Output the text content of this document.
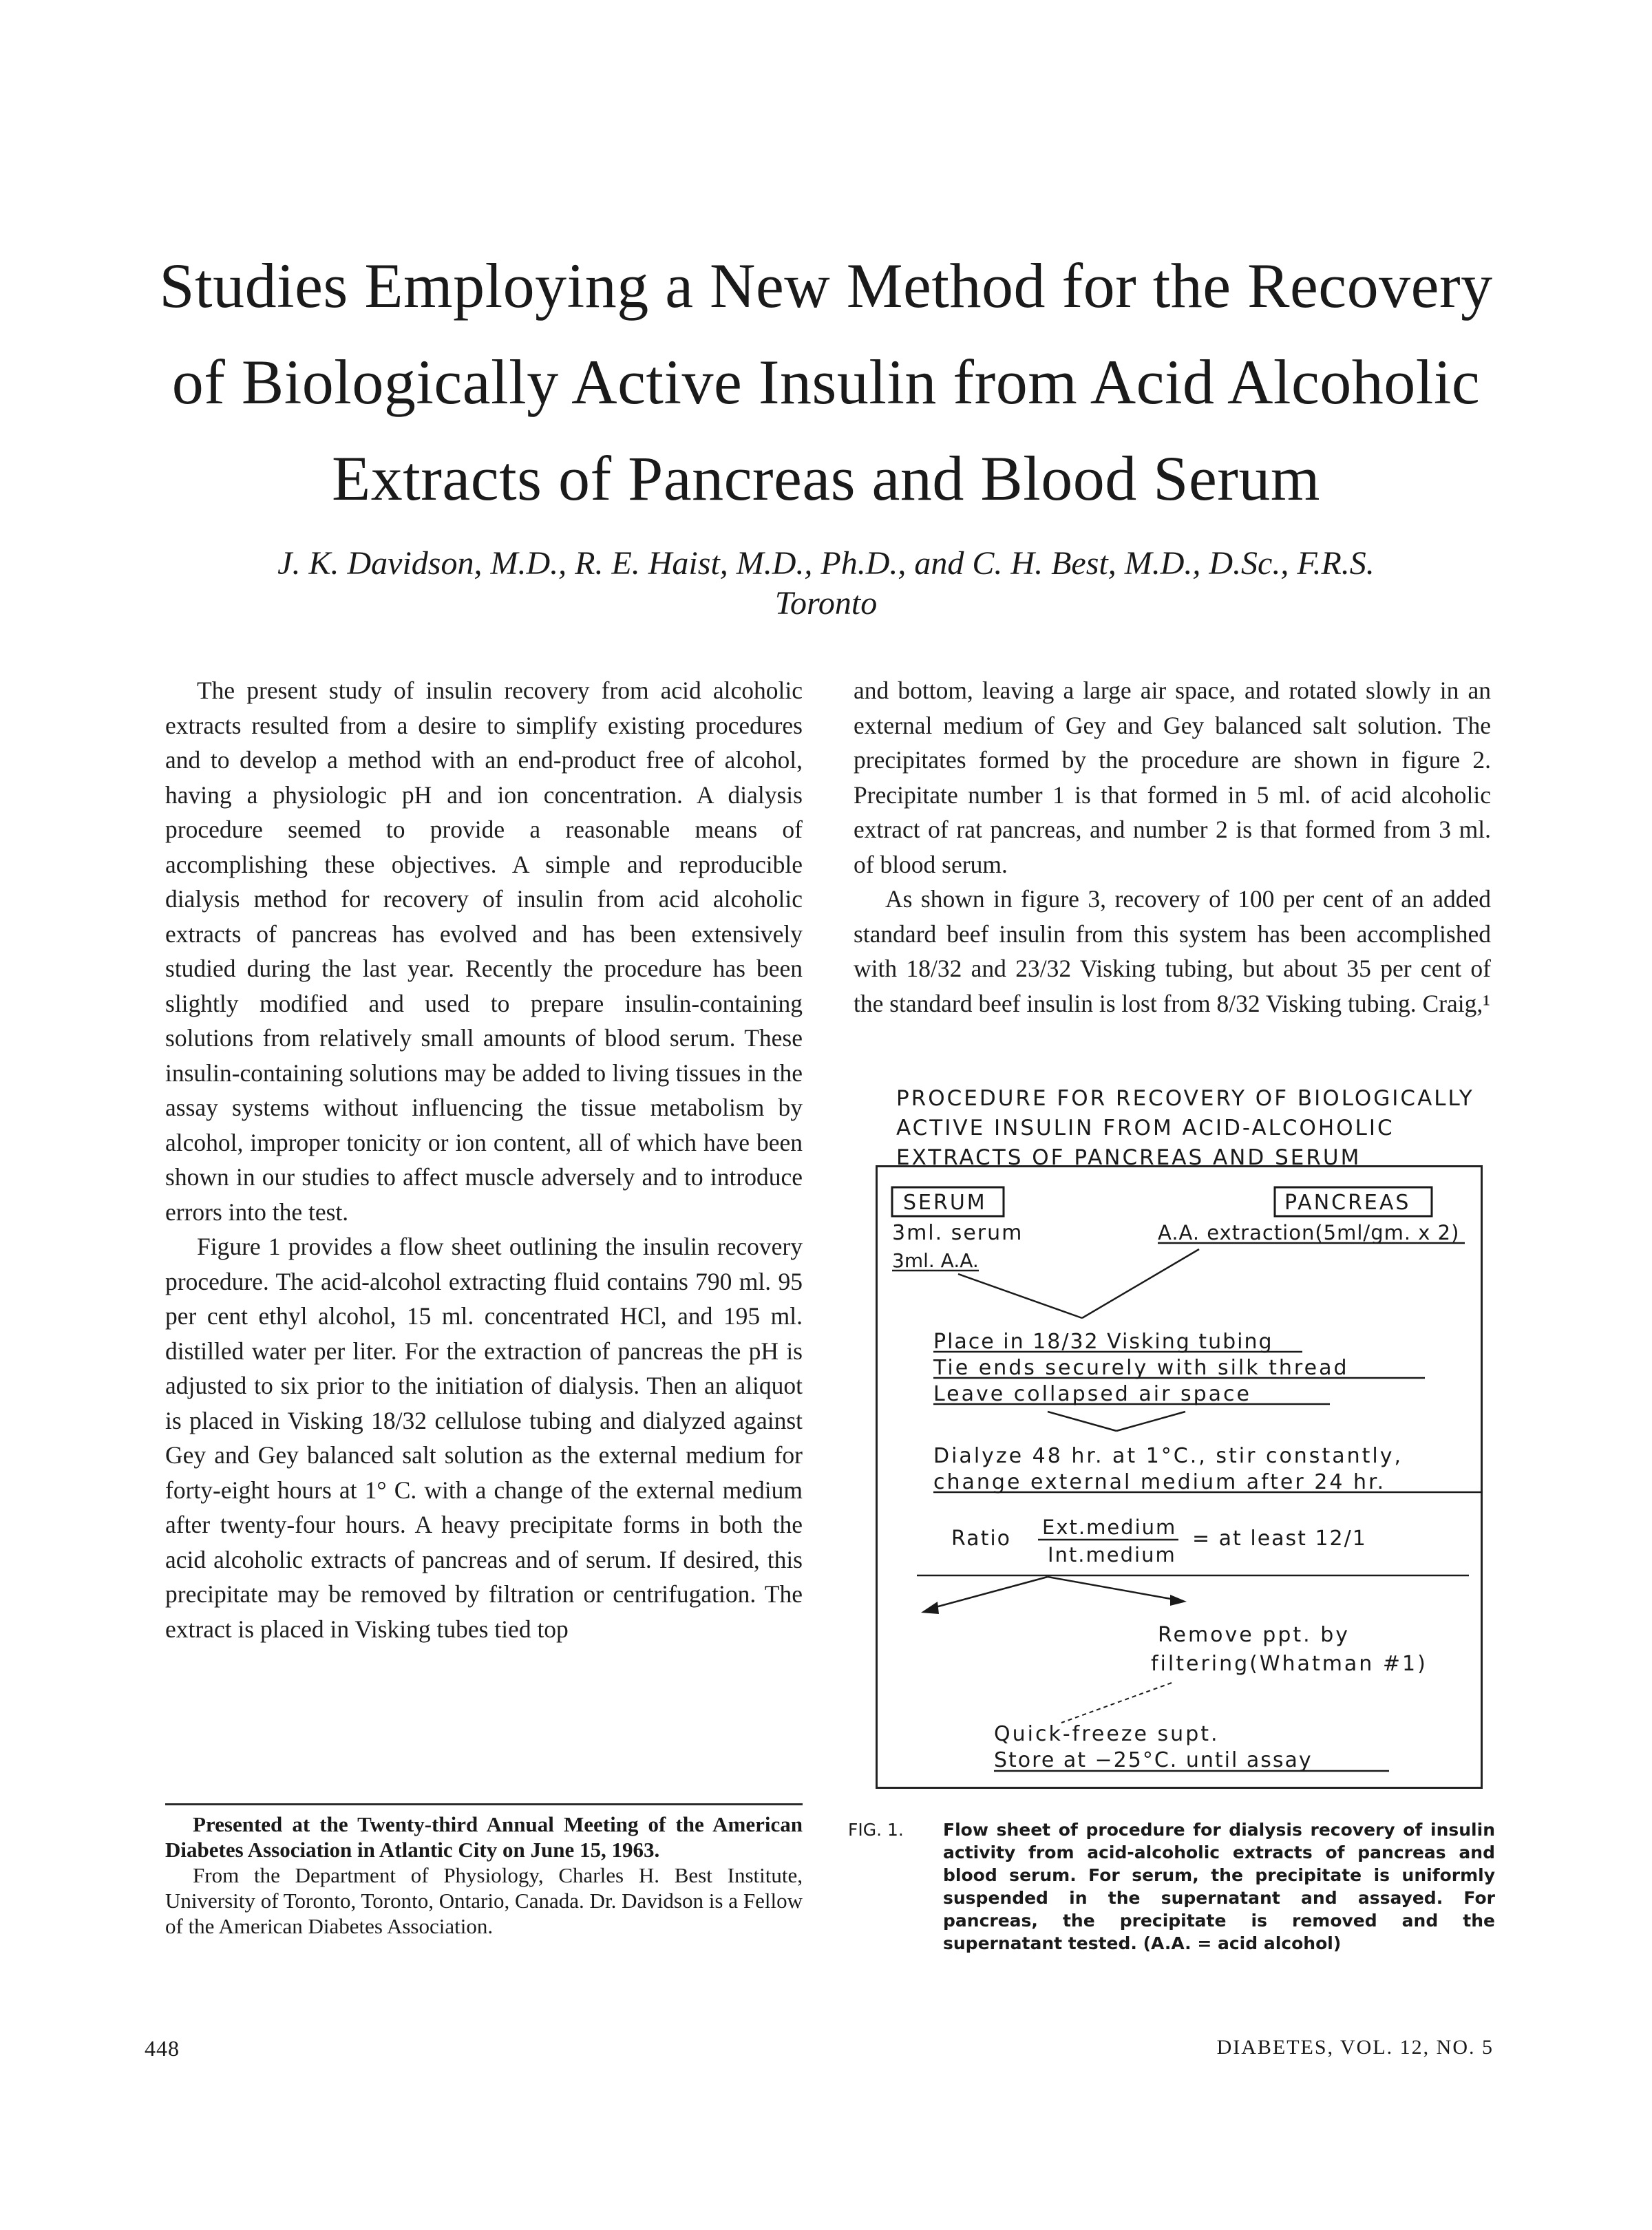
Studies Employing a New Method for the Recovery
of Biologically Active Insulin from Acid Alcoholic
Extracts of Pancreas and Blood Serum
J. K. Davidson, M.D., R. E. Haist, M.D., Ph.D., and C. H. Best, M.D., D.Sc., F.R.S.
Toronto

The present study of insulin recovery from acid alcoholic extracts resulted from a desire to simplify existing procedures and to develop a method with an end-product free of alcohol, having a physiologic pH and ion concentration. A dialysis procedure seemed to provide a reasonable means of accomplishing these objectives. A simple and reproducible dialysis method for recovery of insulin from acid alcoholic extracts of pancreas has evolved and has been extensively studied during the last year. Recently the procedure has been slightly modified and used to prepare insulin-containing solutions from relatively small amounts of blood serum. These insulin-containing solutions may be added to living tissues in the assay systems without influencing the tissue metabolism by alcohol, improper tonicity or ion content, all of which have been shown in our studies to affect muscle adversely and to introduce errors into the test.

Figure 1 provides a flow sheet outlining the insulin recovery procedure. The acid-alcohol extracting fluid contains 790 ml. 95 per cent ethyl alcohol, 15 ml. concentrated HCl, and 195 ml. distilled water per liter. For the extraction of pancreas the pH is adjusted to six prior to the initiation of dialysis. Then an aliquot is placed in Visking 18/32 cellulose tubing and dialyzed against Gey and Gey balanced salt solution as the external medium for forty-eight hours at 1° C. with a change of the external medium after twenty-four hours. A heavy precipitate forms in both the acid alcoholic extracts of pancreas and of serum. If desired, this precipitate may be removed by filtration or centrifugation. The extract is placed in Visking tubes tied top

and bottom, leaving a large air space, and rotated slowly in an external medium of Gey and Gey balanced salt solution. The precipitates formed by the procedure are shown in figure 2. Precipitate number 1 is that formed in 5 ml. of acid alcoholic extract of rat pancreas, and number 2 is that formed from 3 ml. of blood serum.

As shown in figure 3, recovery of 100 per cent of an added standard beef insulin from this system has been accomplished with 18/32 and 23/32 Visking tubing, but about 35 per cent of the standard beef insulin is lost from 8/32 Visking tubing. Craig,¹

Presented at the Twenty-third Annual Meeting of the American Diabetes Association in Atlantic City on June 15, 1963.

From the Department of Physiology, Charles H. Best Institute, University of Toronto, Toronto, Ontario, Canada. Dr. Davidson is a Fellow of the American Diabetes Association.

PROCEDURE FOR RECOVERY OF BIOLOGICALLY
ACTIVE INSULIN FROM ACID-ALCOHOLIC
EXTRACTS OF PANCREAS AND SERUM
SERUM
3ml. serum
3ml. A.A.
PANCREAS
A.A. extraction(5ml/gm. x 2)
Place in 18/32 Visking tubing
Tie ends securely with silk thread
Leave collapsed air space
Dialyze 48 hr. at 1°C., stir constantly,
change external medium after 24 hr.
Ratio Ext.medium
Int.medium
= at least 12/1
Remove ppt. by
filtering(Whatman #1)
Quick-freeze supt.
Store at −25°C. until assay
FIG. 1. Flow sheet of procedure for dialysis recovery of insulin activity from acid-alcoholic extracts of pancreas and blood serum. For serum, the precipitate is uniformly suspended in the supernatant and assayed. For pancreas, the precipitate is removed and the supernatant tested. (A.A. = acid alcohol)
448	DIABETES, VOL. 12, NO. 5
